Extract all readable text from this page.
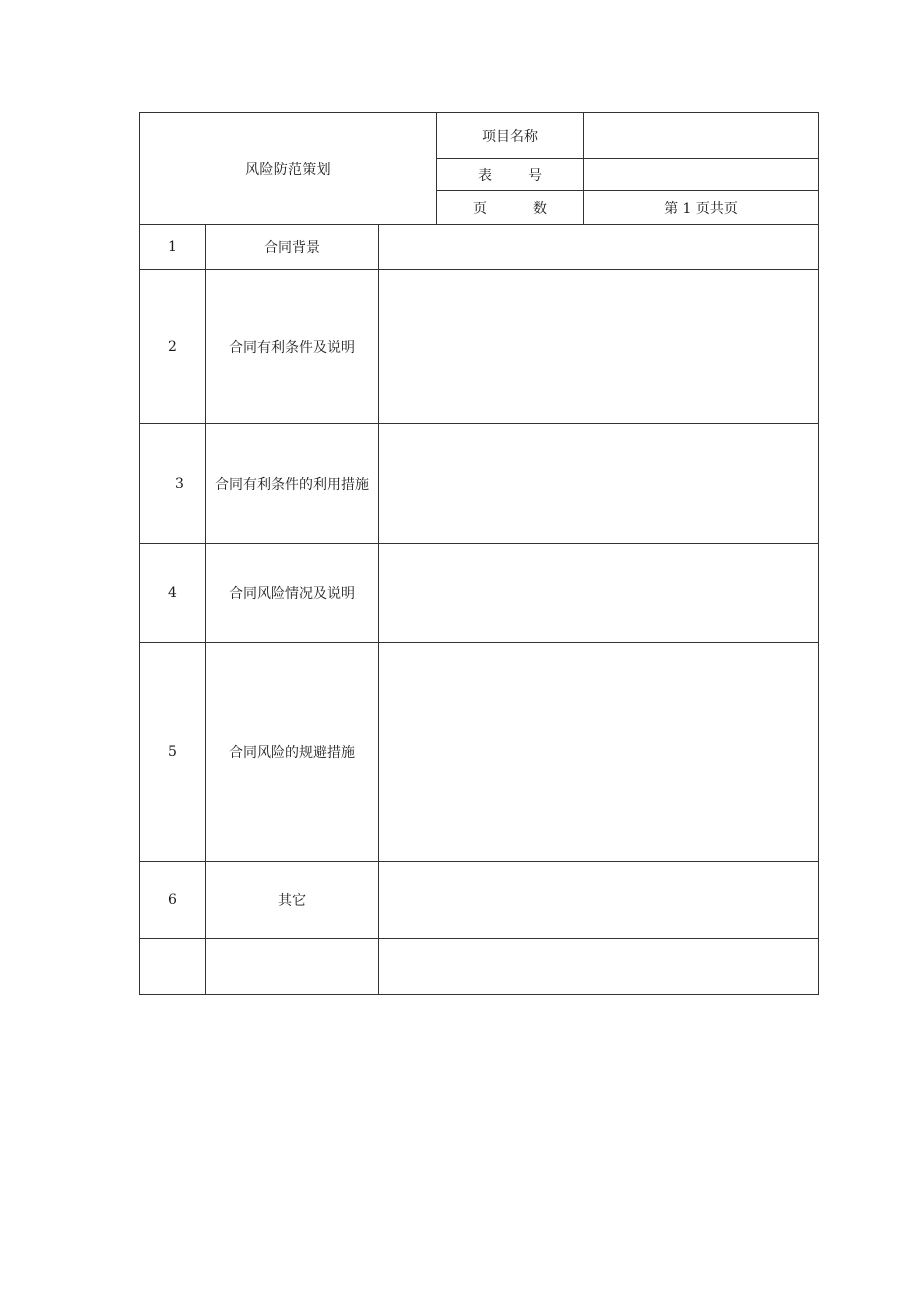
风险防范策划			项目名称	
			表 号	
			页 数	第 1 页共页
1	合同背景			
2	合同有利条件及说明			
3	合同有利条件的利用措施			
4	合同风险情况及说明			
5	合同风险的规避措施			
6	其它			
